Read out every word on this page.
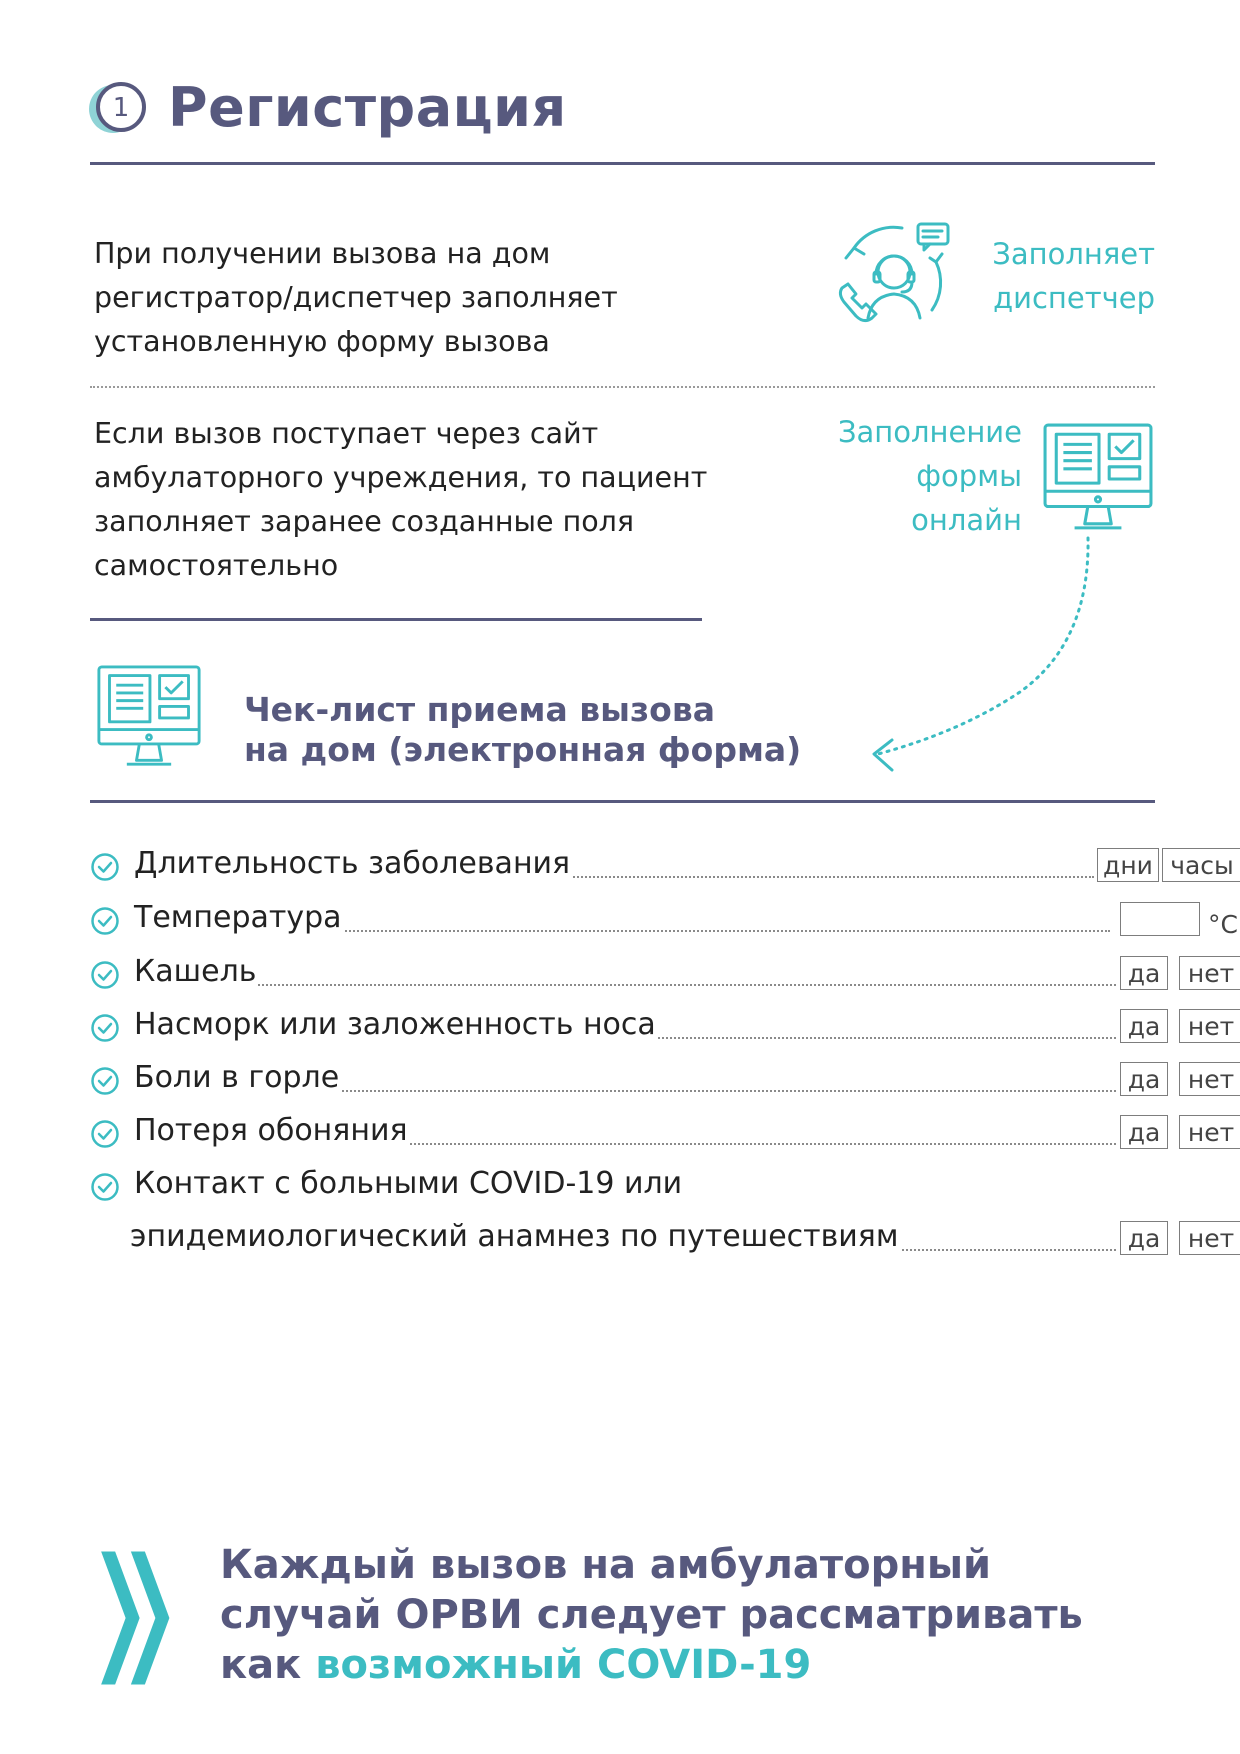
1 Регистрация
При получении вызова на дом
регистратор/диспетчер заполняет
установленную форму вызова
Заполняет
диспетчер
Если вызов поступает через сайт
амбулаторного учреждения, то пациент
заполняет заранее созданные поля
самостоятельно
Заполнение
формы
онлайн
Чек-лист приема вызова
на дом (электронная форма)
Длительность заболевания	дни часы
Температура	°С
Кашель	да	нет
Насморк или заложенность носа	да	нет
Боли в горле	да	нет
Потеря обоняния	да	нет
Контакт с больными COVID-19 или
эпидемиологический анамнез по путешествиям	да	нет
Каждый вызов на амбулаторный
случай ОРВИ следует рассматривать
как возможный COVID-19
